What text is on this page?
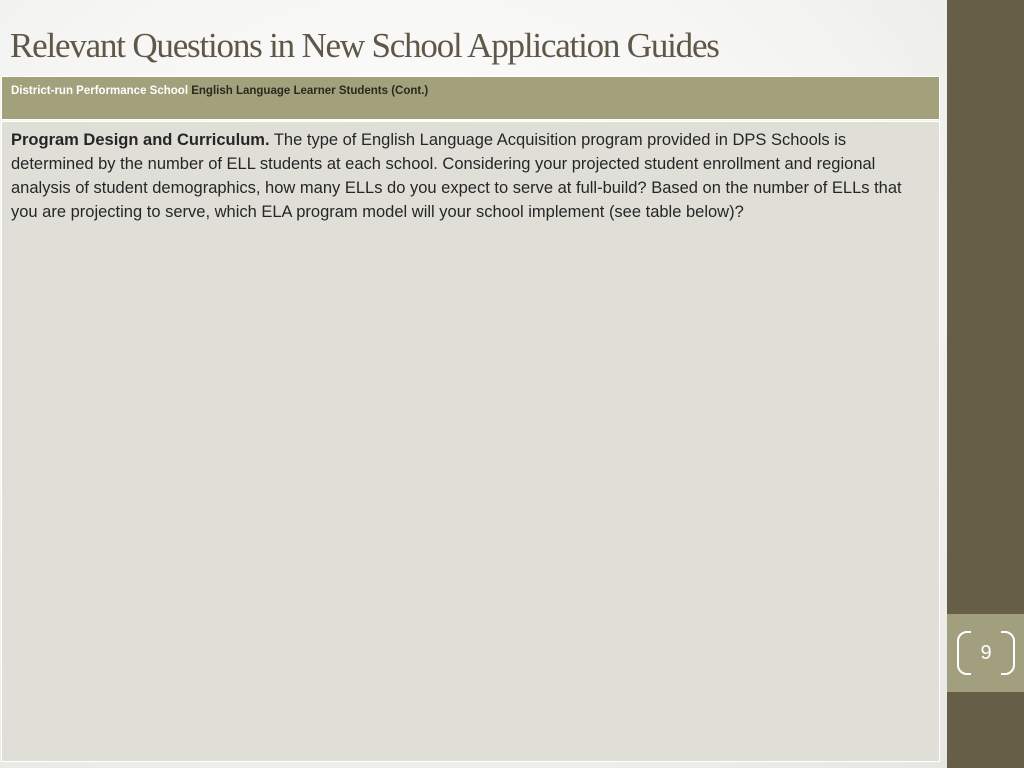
9
Relevant Questions in New School Application Guides
District-run Performance School English Language Learner Students (Cont.)
Program Design and Curriculum. The type of English Language Acquisition program provided in DPS Schools is determined by the number of ELL students at each school. Considering your projected student enrollment and regional analysis of student demographics, how many ELLs do you expect to serve at full-build? Based on the number of ELLs that you are projecting to serve, which ELA program model will your school implement (see table below)?
